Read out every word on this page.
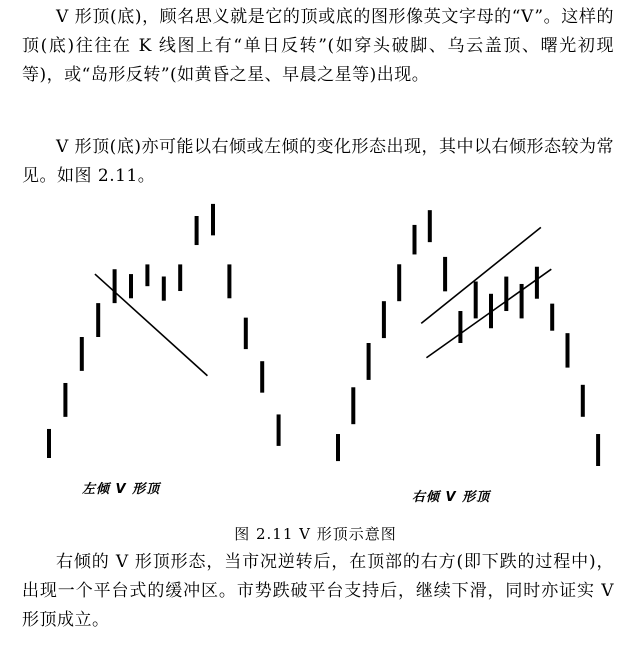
V 形顶(底)，顾名思义就是它的顶或底的图形像英文字母的“V”。这样的顶(底)往往在 K 线图上有“单日反转”(如穿头破脚、乌云盖顶、曙光初现等)，或“岛形反转”(如黄昏之星、早晨之星等)出现。

V 形顶(底)亦可能以右倾或左倾的变化形态出现，其中以右倾形态较为常见。如图 2.11。

左倾 V 形顶
右倾 V 形顶
图 2.11 V 形顶示意图

右倾的 V 形顶形态，当市况逆转后，在顶部的右方(即下跌的过程中)，出现一个平台式的缓冲区。市势跌破平台支持后，继续下滑，同时亦证实 V 形顶成立。
